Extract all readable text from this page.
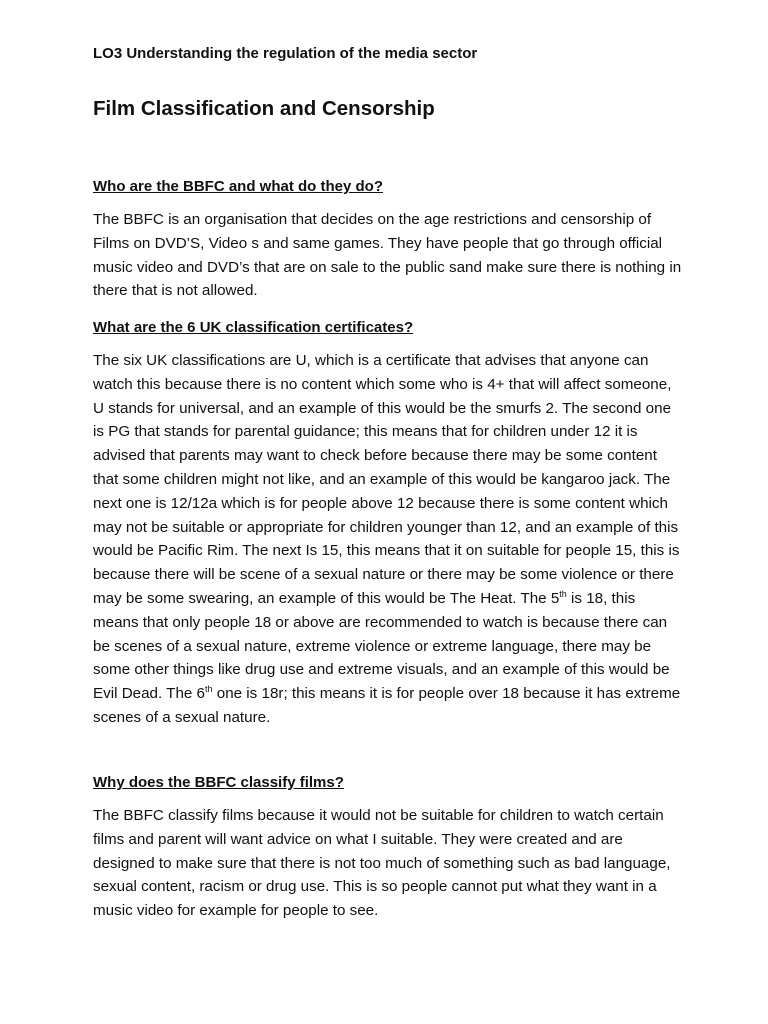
LO3 Understanding the regulation of the media sector

Film Classification and Censorship

Who are the BBFC and what do they do?

The BBFC is an organisation that decides on the age restrictions and censorship of Films on DVD’S, Video s and same games. They have people that go through official music video and DVD’s that are on sale to the public sand make sure there is nothing in there that is not allowed.

What are the 6 UK classification certificates?

The six UK classifications are U, which is a certificate that advises that anyone can watch this because there is no content which some who is 4+ that will affect someone, U stands for universal, and an example of this would be the smurfs 2. The second one is PG that stands for parental guidance; this means that for children under 12 it is advised that parents may want to check before because there may be some content that some children might not like, and an example of this would be kangaroo jack. The next one is 12/12a which is for people above 12 because there is some content which may not be suitable or appropriate for children younger than 12, and an example of this would be Pacific Rim. The next Is 15, this means that it on suitable for people 15, this is because there will be scene of a sexual nature or there may be some violence or there may be some swearing, an example of this would be The Heat. The 5th is 18, this means that only people 18 or above are recommended to watch is because there can be scenes of a sexual nature, extreme violence or extreme language, there may be some other things like drug use and extreme visuals, and an example of this would be Evil Dead. The 6th one is 18r; this means it is for people over 18 because it has extreme scenes of a sexual nature.

Why does the BBFC classify films?

The BBFC classify films because it would not be suitable for children to watch certain films and parent will want advice on what I suitable. They were created and are designed to make sure that there is not too much of something such as bad language, sexual content, racism or drug use. This is so people cannot put what they want in a music video for example for people to see.
